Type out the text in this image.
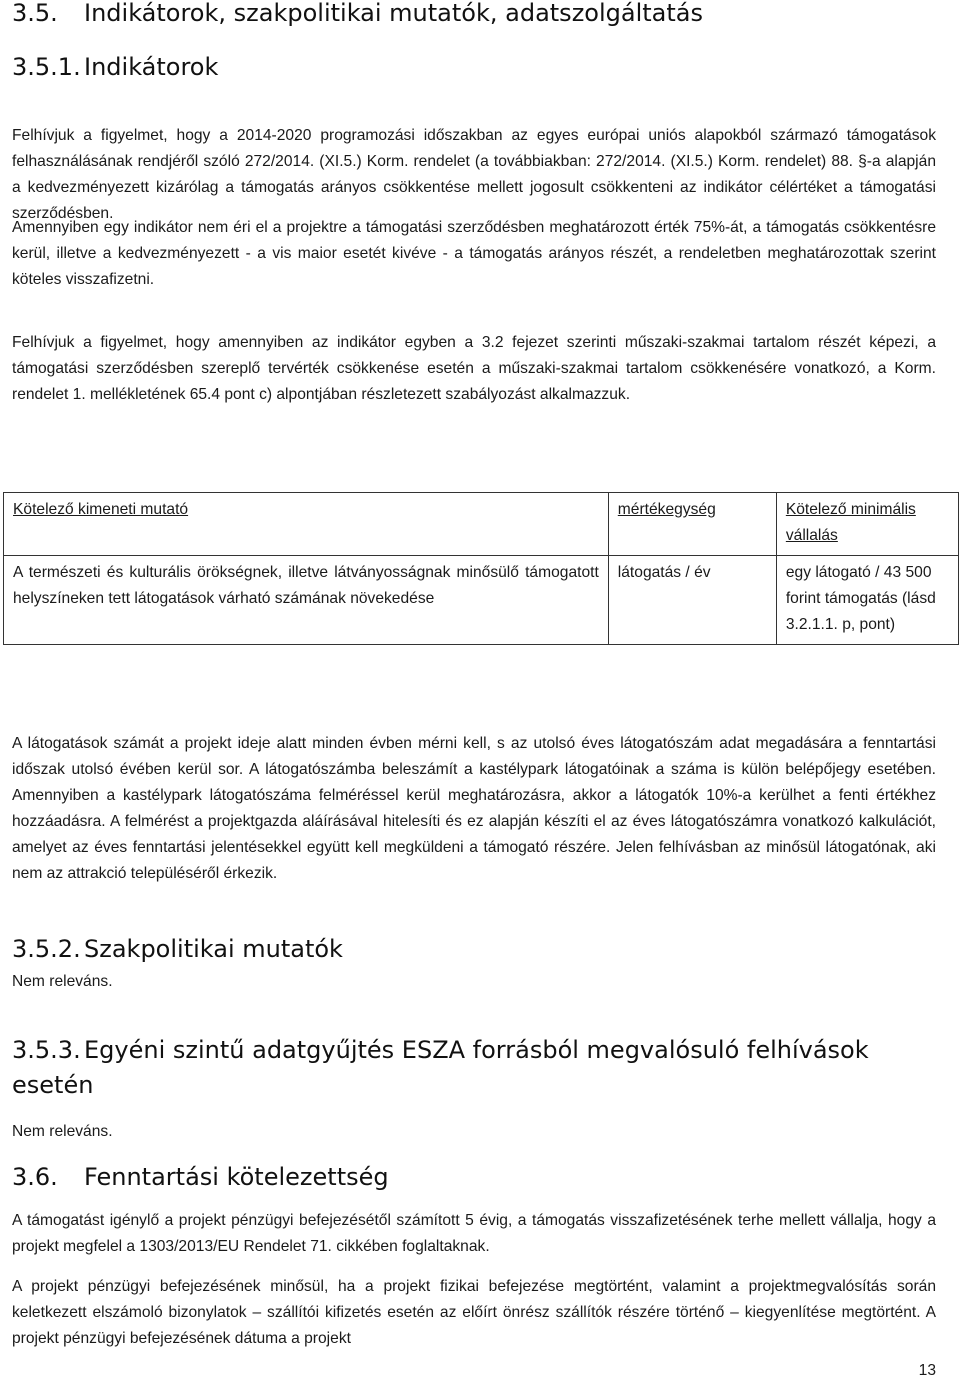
3.5. Indikátorok, szakpolitikai mutatók, adatszolgáltatás
3.5.1. Indikátorok

Felhívjuk a figyelmet, hogy a 2014-2020 programozási időszakban az egyes európai uniós alapokból származó támogatások felhasználásának rendjéről szóló 272/2014. (XI.5.) Korm. rendelet (a továbbiakban: 272/2014. (XI.5.) Korm. rendelet) 88. §-a alapján a kedvezményezett kizárólag a támogatás arányos csökkentése mellett jogosult csökkenteni az indikátor célértéket a támogatási szerződésben.

Amennyiben egy indikátor nem éri el a projektre a támogatási szerződésben meghatározott érték 75%-át, a támogatás csökkentésre kerül, illetve a kedvezményezett - a vis maior esetét kivéve - a támogatás arányos részét, a rendeletben meghatározottak szerint köteles visszafizetni.

Felhívjuk a figyelmet, hogy amennyiben az indikátor egyben a 3.2 fejezet szerinti műszaki-szakmai tartalom részét képezi, a támogatási szerződésben szereplő tervérték csökkenése esetén a műszaki-szakmai tartalom csökkenésére vonatkozó, a Korm. rendelet 1. mellékletének 65.4 pont c) alpontjában részletezett szabályozást alkalmazzuk.

Kötelező kimeneti mutató	mértékegység	Kötelező minimális vállalás
A természeti és kulturális örökségnek, illetve látványosságnak minősülő támogatott helyszíneken tett látogatások várható számának növekedése	látogatás / év	egy látogató / 43 500 forint támogatás (lásd 3.2.1.1. p, pont)

A látogatások számát a projekt ideje alatt minden évben mérni kell, s az utolsó éves látogatószám adat megadására a fenntartási időszak utolsó évében kerül sor. A látogatószámba beleszámít a kastélypark látogatóinak a száma is külön belépőjegy esetében. Amennyiben a kastélypark látogatószáma felméréssel kerül meghatározásra, akkor a látogatók 10%-a kerülhet a fenti értékhez hozzáadásra. A felmérést a projektgazda aláírásával hitelesíti és ez alapján készíti el az éves látogatószámra vonatkozó kalkulációt, amelyet az éves fenntartási jelentésekkel együtt kell megküldeni a támogató részére. Jelen felhívásban az minősül látogatónak, aki nem az attrakció településéről érkezik.

3.5.2. Szakpolitikai mutatók

Nem releváns.

3.5.3. Egyéni szintű adatgyűjtés ESZA forrásból megvalósuló felhívások esetén

Nem releváns.

3.6. Fenntartási kötelezettség

A támogatást igénylő a projekt pénzügyi befejezésétől számított 5 évig, a támogatás visszafizetésének terhe mellett vállalja, hogy a projekt megfelel a 1303/2013/EU Rendelet 71. cikkében foglaltaknak.

A projekt pénzügyi befejezésének minősül, ha a projekt fizikai befejezése megtörtént, valamint a projektmegvalósítás során keletkezett elszámoló bizonylatok – szállítói kifizetés esetén az előírt önrész szállítók részére történő – kiegyenlítése megtörtént. A projekt pénzügyi befejezésének dátuma a projekt

13
